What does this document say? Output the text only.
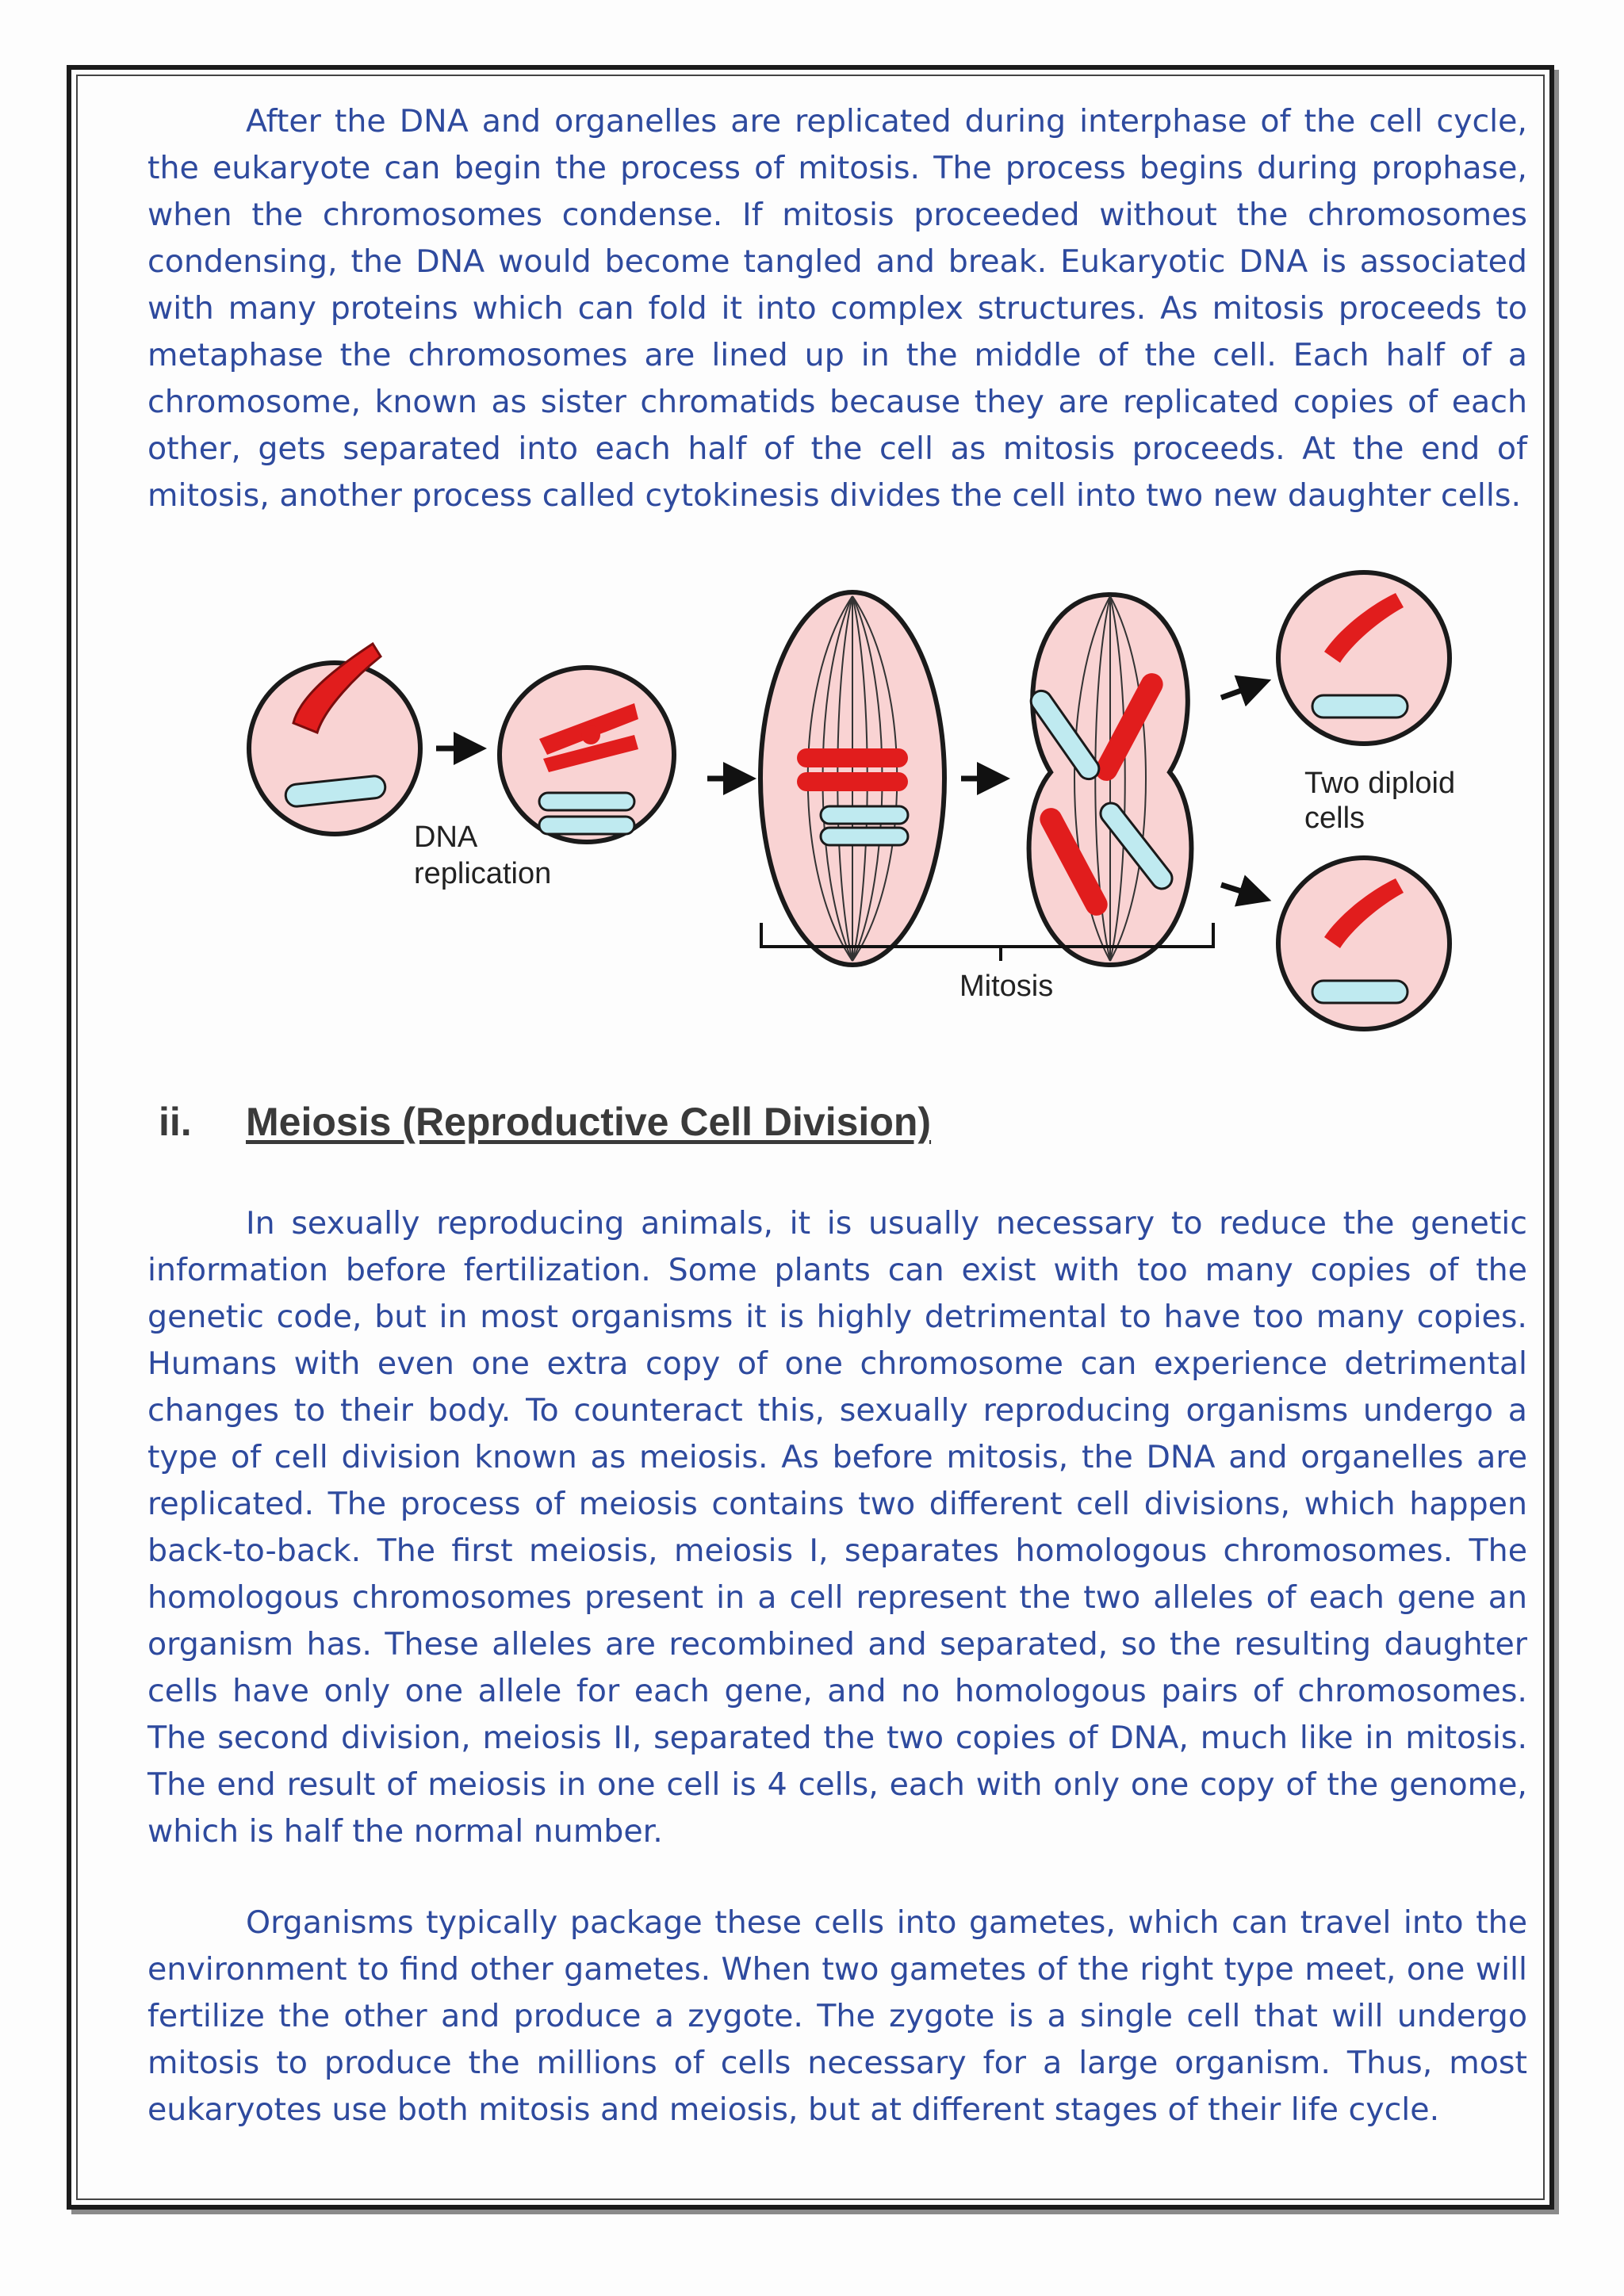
After the DNA and organelles are replicated during interphase of the cell cycle, the eukaryote can begin the process of mitosis. The process begins during prophase, when the chromosomes condense. If mitosis proceeded without the chromosomes condensing, the DNA would become tangled and break. Eukaryotic DNA is associated with many proteins which can fold it into complex structures. As mitosis proceeds to metaphase the chromosomes are lined up in the middle of the cell. Each half of a chromosome, known as sister chromatids because they are replicated copies of each other, gets separated into each half of the cell as mitosis proceeds. At the end of mitosis, another process called cytokinesis divides the cell into two new daughter cells.

DNA
replication
Two diploid
cells
Mitosis
ii. Meiosis (Reproductive Cell Division)

In sexually reproducing animals, it is usually necessary to reduce the genetic information before fertilization. Some plants can exist with too many copies of the genetic code, but in most organisms it is highly detrimental to have too many copies. Humans with even one extra copy of one chromosome can experience detrimental changes to their body. To counteract this, sexually reproducing organisms undergo a type of cell division known as meiosis. As before mitosis, the DNA and organelles are replicated. The process of meiosis contains two different cell divisions, which happen back-to-back. The first meiosis, meiosis I, separates homologous chromosomes. The homologous chromosomes present in a cell represent the two alleles of each gene an organism has. These alleles are recombined and separated, so the resulting daughter cells have only one allele for each gene, and no homologous pairs of chromosomes. The second division, meiosis II, separated the two copies of DNA, much like in mitosis. The end result of meiosis in one cell is 4 cells, each with only one copy of the genome, which is half the normal number.

Organisms typically package these cells into gametes, which can travel into the environment to find other gametes. When two gametes of the right type meet, one will fertilize the other and produce a zygote. The zygote is a single cell that will undergo mitosis to produce the millions of cells necessary for a large organism. Thus, most eukaryotes use both mitosis and meiosis, but at different stages of their life cycle.
